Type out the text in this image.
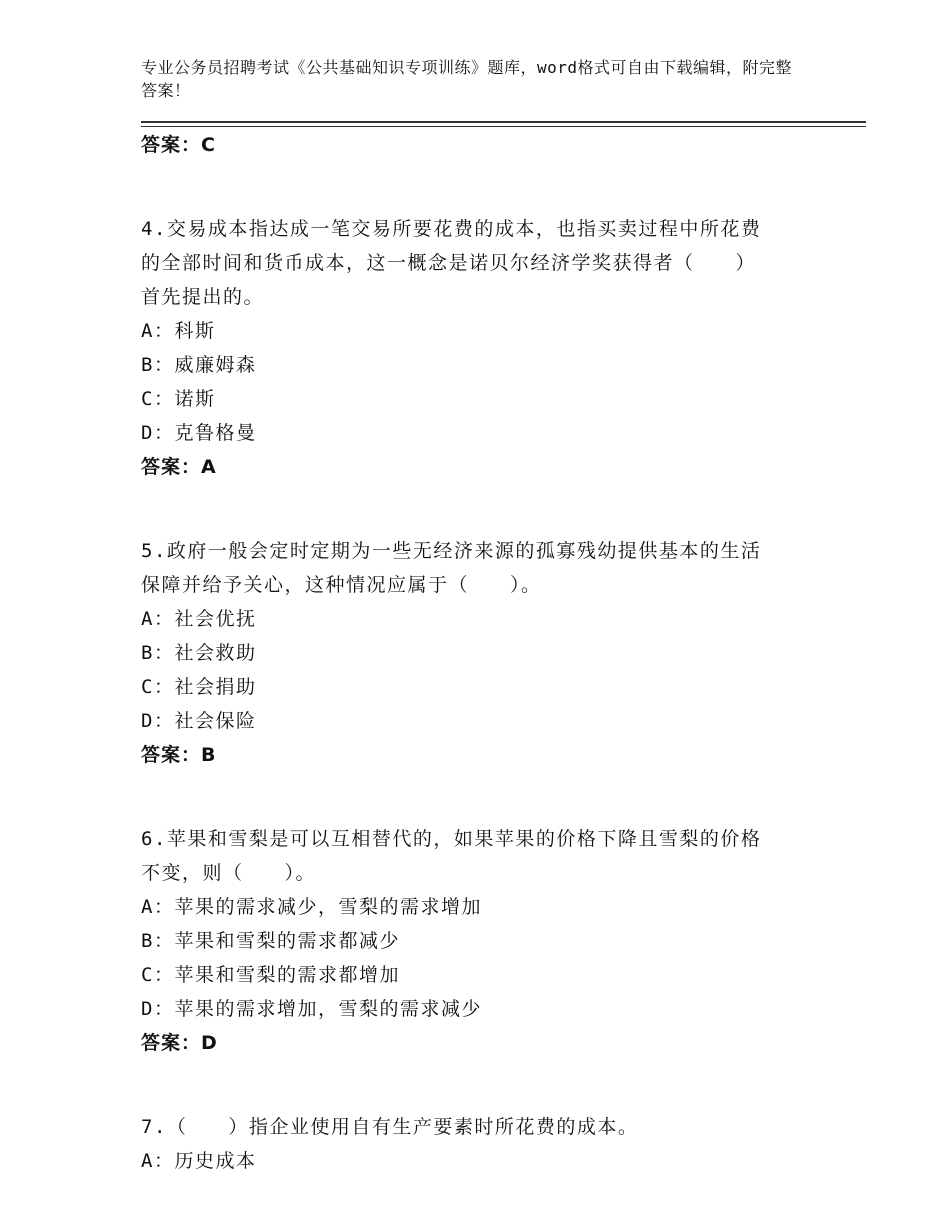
专业公务员招聘考试《公共基础知识专项训练》题库，word格式可自由下载编辑，附完整答案！
答案：C
4.交易成本指达成一笔交易所要花费的成本，也指买卖过程中所花费
的全部时间和货币成本，这一概念是诺贝尔经济学奖获得者（　　）
首先提出的。
A：科斯
B：威廉姆森
C：诺斯
D：克鲁格曼
答案：A
5.政府一般会定时定期为一些无经济来源的孤寡残幼提供基本的生活
保障并给予关心，这种情况应属于（　　）。
A：社会优抚
B：社会救助
C：社会捐助
D：社会保险
答案：B
6.苹果和雪梨是可以互相替代的，如果苹果的价格下降且雪梨的价格
不变，则（　　）。
A：苹果的需求减少，雪梨的需求增加
B：苹果和雪梨的需求都减少
C：苹果和雪梨的需求都增加
D：苹果的需求增加，雪梨的需求减少
答案：D
7.（　　）指企业使用自有生产要素时所花费的成本。
A：历史成本
